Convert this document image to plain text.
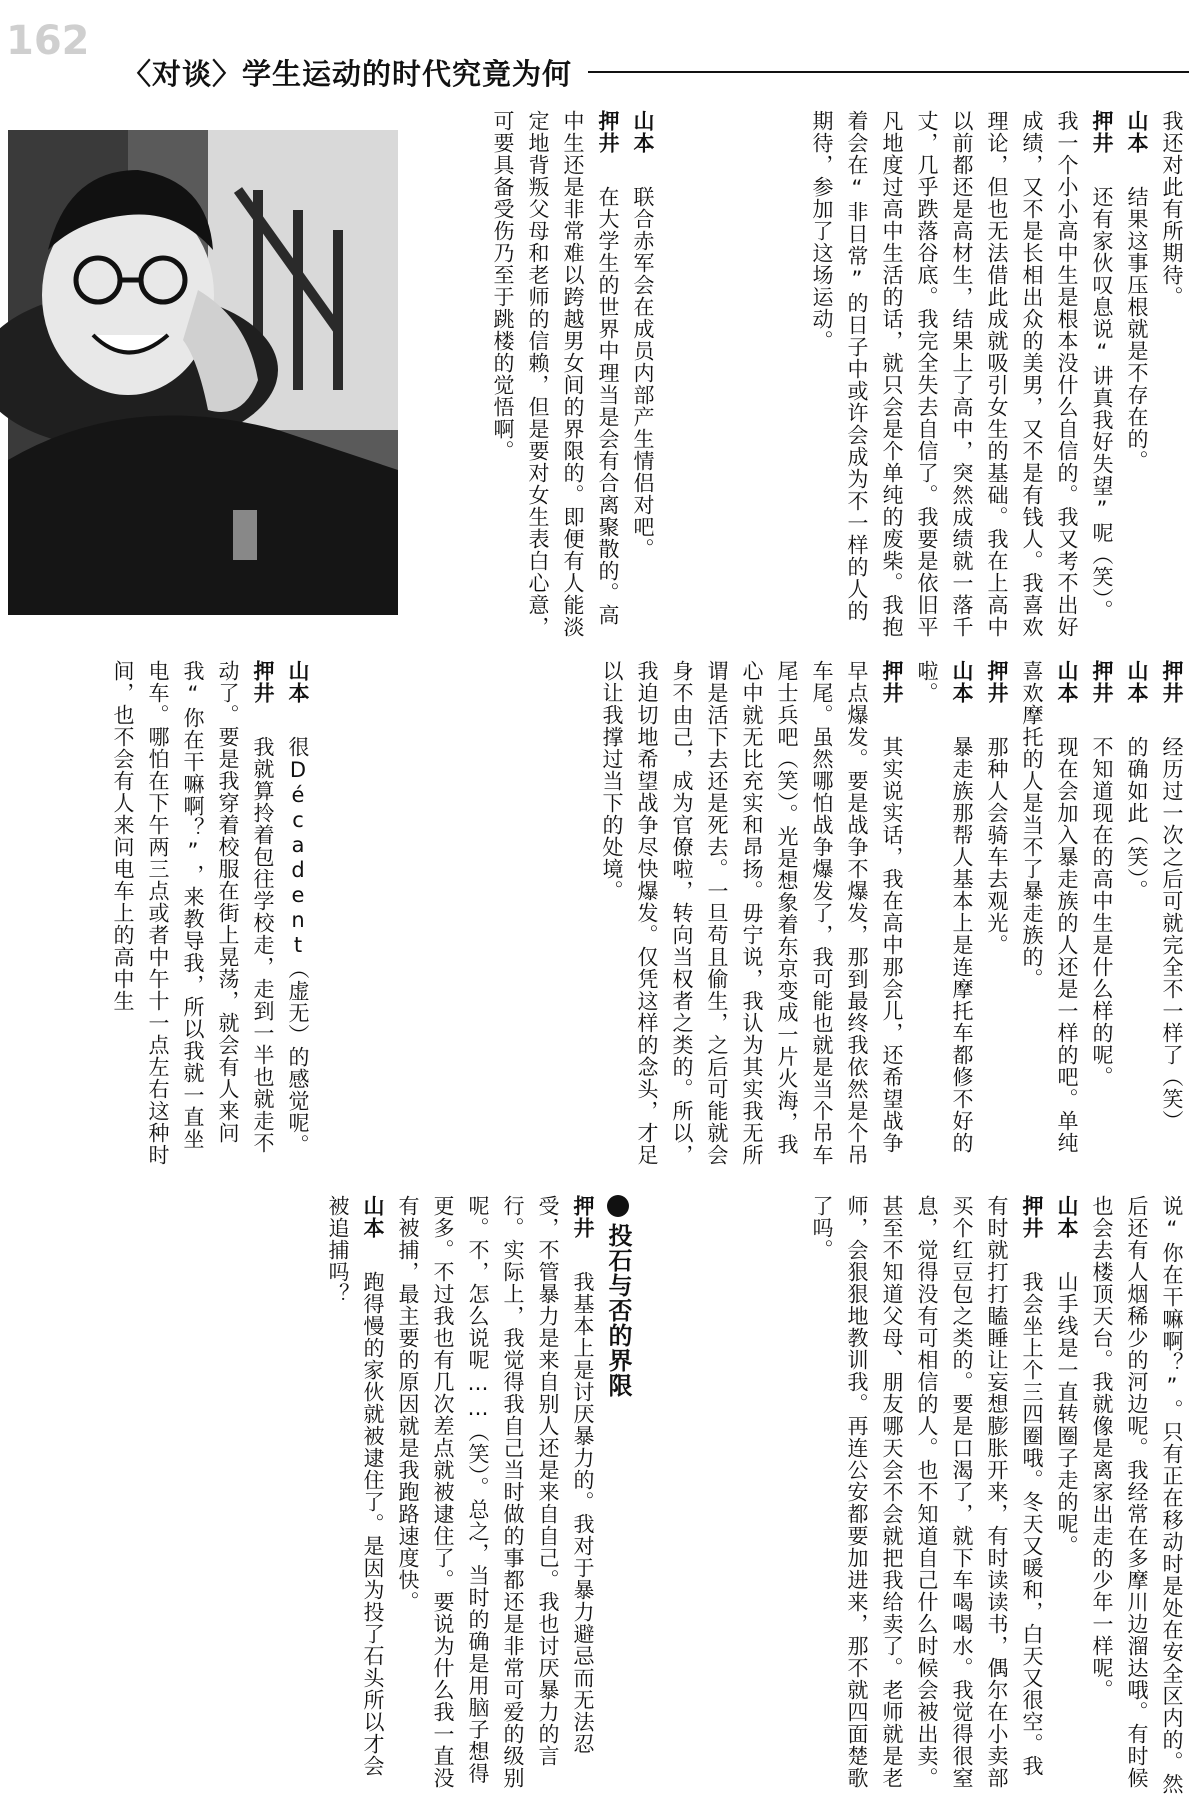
162
〈对谈〉学生运动的时代究竟为何
我还对此有所期待。
山本　结果这事压根就是不存在的。
押井　还有家伙叹息说“讲真我好失望”呢（笑）。我一个小小高中生是根本没什么自信的。我又考不出好成绩，又不是长相出众的美男，又不是有钱人。我喜欢理论，但也无法借此成就吸引女生的基础。我在上高中以前都还是高材生，结果上了高中，突然成绩就一落千丈，几乎跌落谷底。我完全失去自信了。我要是依旧平凡地度过高中生活的话，就只会是个单纯的废柴。我抱着会在“非日常”的日子中或许会成为不一样的人的期待，参加了这场运动。
山本　联合赤军会在成员内部产生情侣对吧。
押井　在大学生的世界中理当是会有合离聚散的。高中生还是非常难以跨越男女间的界限的。即便有人能淡定地背叛父母和老师的信赖，但是要对女生表白心意，可要具备受伤乃至于跳楼的觉悟啊。
押井　经历过一次之后可就完全不一样了（笑）
山本　的确如此（笑）。
押井　不知道现在的高中生是什么样的呢。
山本　现在会加入暴走族的人还是一样的吧。单纯喜欢摩托的人是当不了暴走族的。
押井　那种人会骑车去观光。
山本　暴走族那帮人基本上是连摩托车都修不好的啦。
押井　其实说实话，我在高中那会儿，还希望战争早点爆发。要是战争不爆发，那到最终我依然是个吊车尾。虽然哪怕战争爆发了，我可能也就是当个吊车尾士兵吧（笑）。光是想象着东京变成一片火海，我心中就无比充实和昂扬。毋宁说，我认为其实我无所谓是活下去还是死去。一旦苟且偷生，之后可能就会身不由己，成为官僚啦，转向当权者之类的。所以，我迫切地希望战争尽快爆发。仅凭这样的念头，才足以让我撑过当下的处境。
山本　很Décadent（虚无）的感觉呢。
押井　我就算拎着包往学校走，走到一半也就走不动了。要是我穿着校服在街上晃荡，就会有人来问我“你在干嘛啊？”，来教导我，所以我就一直坐电车。哪怕在下午两三点或者中午十一点左右这种时间，也不会有人来问电车上的高中生
说“你在干嘛啊？”。只有正在移动时是处在安全区内的。然后还有人烟稀少的河边呢。我经常在多摩川边溜达哦。有时候也会去楼顶天台。我就像是离家出走的少年一样呢。
山本　山手线是一直转圈子走的呢。
押井　我会坐上个三四圈哦。冬天又暖和，白天又很空。我有时就打打瞌睡让妄想膨胀开来，有时读读书，偶尔在小卖部买个红豆包之类的。要是口渴了，就下车喝喝水。我觉得很窒息，觉得没有可相信的人。也不知道自己什么时候会被出卖。甚至不知道父母、朋友哪天会不会就把我给卖了。老师就是老师，会狠狠地教训我。再连公安都要加进来，那不就四面楚歌了吗。
投石与否的界限
押井　我基本上是讨厌暴力的。我对于暴力避忌而无法忍受，不管暴力是来自别人还是来自自己。我也讨厌暴力的言行。实际上，我觉得我自己当时做的事都还是非常可爱的级别呢。不，怎么说呢……（笑）。总之，当时的确是用脑子想得更多。不过我也有几次差点就被逮住了。要说为什么我一直没有被捕，最主要的原因就是我跑路速度快。
山本　跑得慢的家伙就被逮住了。是因为投了石头所以才会被追捕吗？
